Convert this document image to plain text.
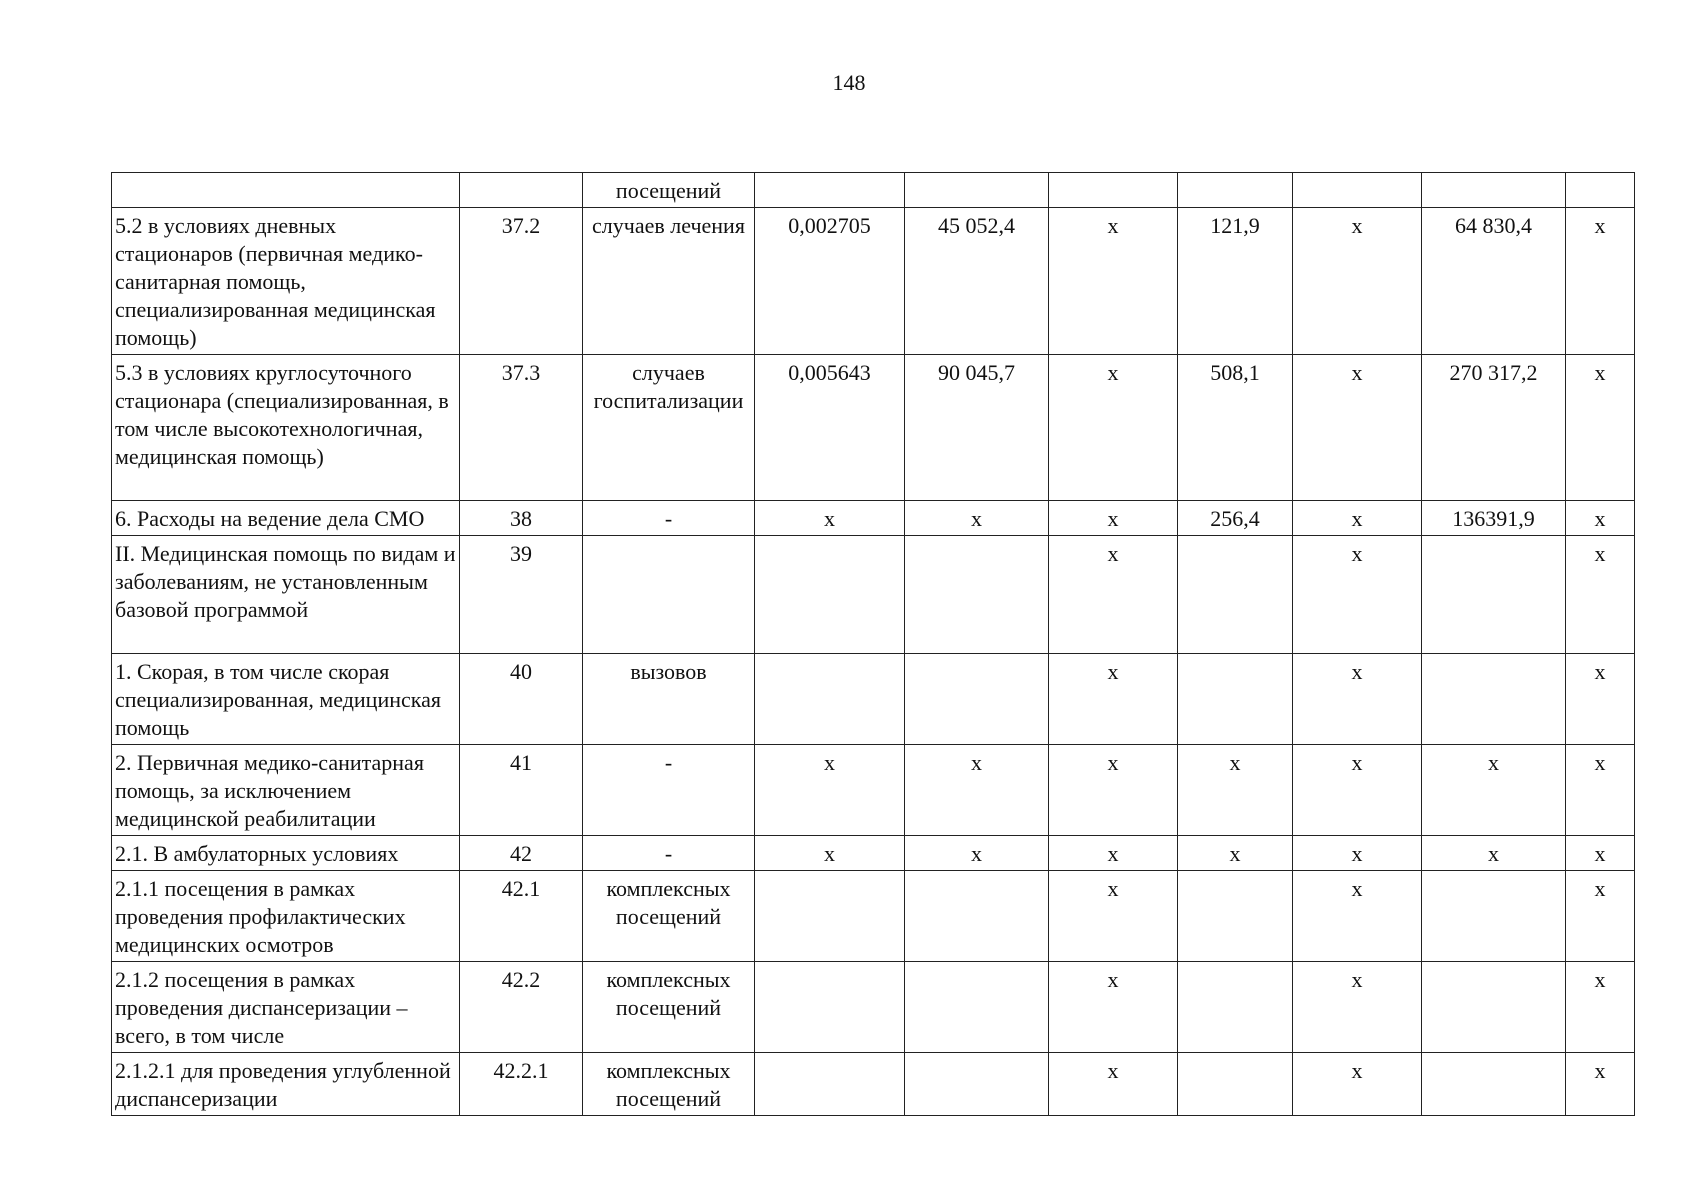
148
		посещений							
5.2 в условиях дневных стационаров (первичная медико-санитарная помощь, специализированная медицинская помощь)	37.2	случаев лечения	0,002705	45 052,4	х	121,9	х	64 830,4	х
5.3 в условиях круглосуточного стационара (специализированная, в том числе высокотехнологичная, медицинская помощь)	37.3	случаев госпитализации	0,005643	90 045,7	х	508,1	х	270 317,2	х
6. Расходы на ведение дела СМО	38	-	х	х	х	256,4	х	136391,9	х
II. Медицинская помощь по видам и заболеваниям, не установленным базовой программой	39				х		х		х
1. Скорая, в том числе скорая специализированная, медицинская помощь	40	вызовов			х		х		х
2. Первичная медико-санитарная помощь, за исключением медицинской реабилитации	41	-	х	х	х	х	х	х	х
2.1. В амбулаторных условиях	42	-	х	х	х	х	х	х	х
2.1.1 посещения в рамках проведения профилактических медицинских осмотров	42.1	комплексных посещений			х		х		х
2.1.2 посещения в рамках проведения диспансеризации – всего, в том числе	42.2	комплексных посещений			х		х		х
2.1.2.1 для проведения углубленной диспансеризации	42.2.1	комплексных посещений			х		х		х
